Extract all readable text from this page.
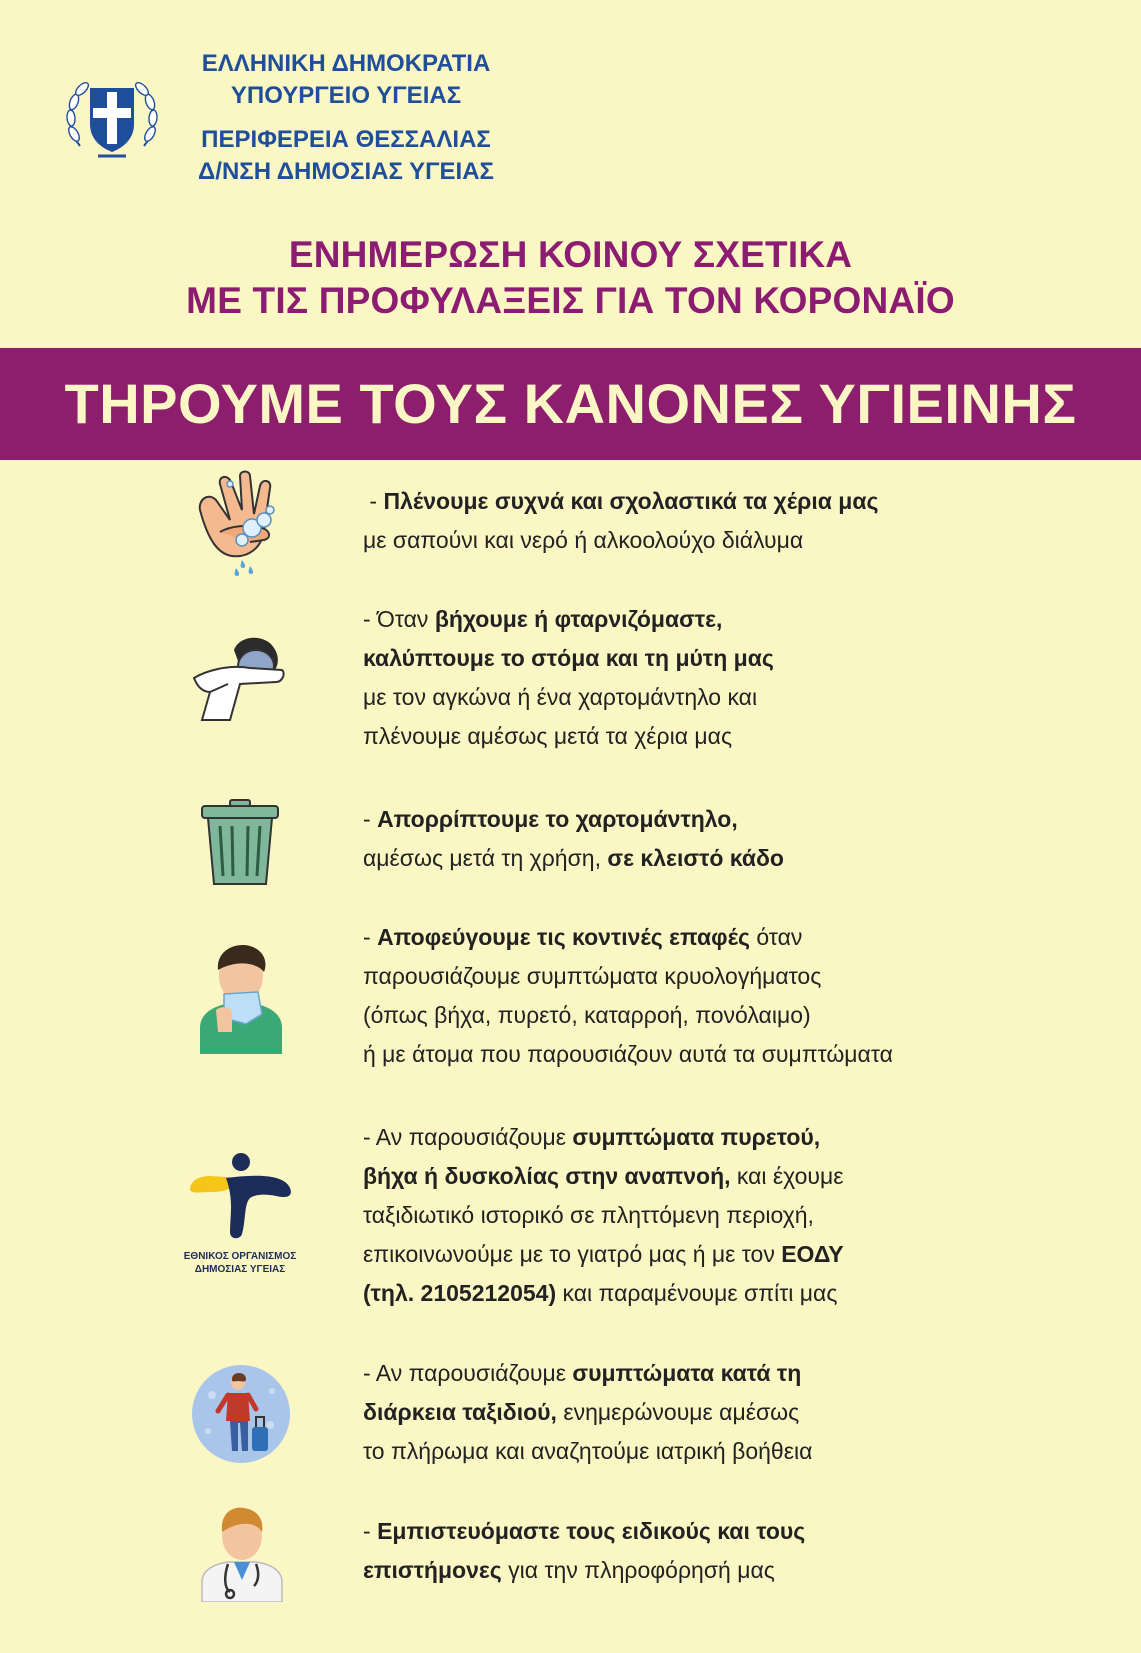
ΕΛΛΗΝΙΚΗ ΔΗΜΟΚΡΑΤΙΑ
ΥΠΟΥΡΓΕΙΟ ΥΓΕΙΑΣ
ΠΕΡΙΦΕΡΕΙΑ ΘΕΣΣΑΛΙΑΣ
Δ/ΝΣΗ ΔΗΜΟΣΙΑΣ ΥΓΕΙΑΣ
ΕΝΗΜΕΡΩΣΗ ΚΟΙΝΟΥ ΣΧΕΤΙΚΑ
ΜΕ ΤΙΣ ΠΡΟΦΥΛΑΞΕΙΣ ΓΙΑ ΤΟΝ ΚΟΡΟΝΑΪΟ
ΤΗΡΟΥΜΕ ΤΟΥΣ ΚΑΝΟΝΕΣ ΥΓΙΕΙΝΗΣ
ΕΘΝΙΚΟΣ ΟΡΓΑΝΙΣΜΟΣ
ΔΗΜΟΣΙΑΣ ΥΓΕΙΑΣ
- Πλένουμε συχνά και σχολαστικά τα χέρια μας
με σαπούνι και νερό ή αλκοολούχο διάλυμα
- Όταν βήχουμε ή φταρνιζόμαστε,
καλύπτουμε το στόμα και τη μύτη μας
με τον αγκώνα ή ένα χαρτομάντηλο και
πλένουμε αμέσως μετά τα χέρια μας
- Απορρίπτουμε το χαρτομάντηλο,
αμέσως μετά τη χρήση, σε κλειστό κάδο
- Αποφεύγουμε τις κοντινές επαφές όταν
παρουσιάζουμε συμπτώματα κρυολογήματος
(όπως βήχα, πυρετό, καταρροή, πονόλαιμο)
ή με άτομα που παρουσιάζουν αυτά τα συμπτώματα
- Αν παρουσιάζουμε συμπτώματα πυρετού,
βήχα ή δυσκολίας στην αναπνοή, και έχουμε
ταξιδιωτικό ιστορικό σε πληττόμενη περιοχή,
επικοινωνούμε με το γιατρό μας ή με τον ΕΟΔΥ
(τηλ. 2105212054) και παραμένουμε σπίτι μας
- Αν παρουσιάζουμε συμπτώματα κατά τη
διάρκεια ταξιδιού, ενημερώνουμε αμέσως
το πλήρωμα και αναζητούμε ιατρική βοήθεια
- Εμπιστευόμαστε τους ειδικούς και τους
επιστήμονες για την πληροφόρησή μας
